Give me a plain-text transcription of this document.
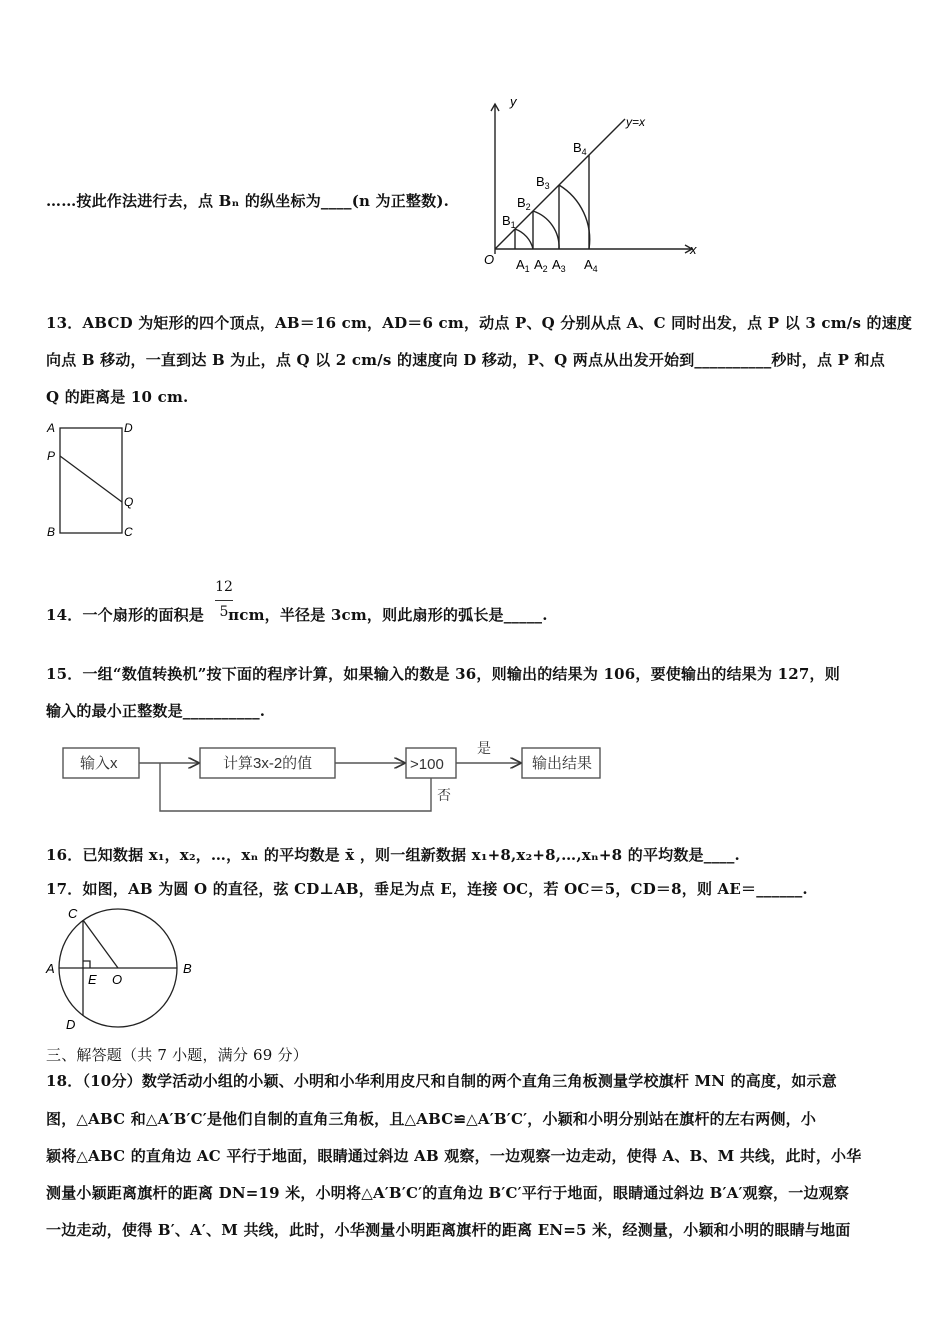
……按此作法进行去，点 Bₙ 的纵坐标为____(n 为正整数).
y
x
y=x
O $A_1$ $A_2$ $A_3$ $A_4$
$B_1$
$B_2$
$B_3$
$B_4$
13．ABCD 为矩形的四个顶点，AB＝16 cm，AD＝6 cm，动点 P、Q 分别从点 A、C 同时出发，点 P 以 3 cm/s 的速度
向点 B 移动，一直到达 B 为止，点 Q 以 2 cm/s 的速度向 D 移动，P、Q 两点从出发开始到__________秒时，点 P 和点
Q 的距离是 10 cm.
A	D
P
Q
B	C
14．一个扇形的面积是 πcm，半径是 3cm，则此扇形的弧长是_____.
12
5
15．一组“数值转换机”按下面的程序计算，如果输入的数是 36，则输出的结果为 106，要使输出的结果为 127，则
输入的最小正整数是__________.
输入x	计算3x-2的值	>100
是
否
输出结果
16．已知数据 x₁，x₂，…，xₙ 的平均数是 x̄ ，则一组新数据 x₁+8,x₂+8,…,xₙ+8 的平均数是____.
17．如图，AB 为圆 O 的直径，弦 CD⊥AB，垂足为点 E，连接 OC，若 OC＝5，CD＝8，则 AE＝______.
C
A
E O
B
D
三、解答题（共 7 小题，满分 69 分）
18．（10分）数学活动小组的小颖、小明和小华利用皮尺和自制的两个直角三角板测量学校旗杆 MN 的高度，如示意
图，△ABC 和△A′B′C′是他们自制的直角三角板，且△ABC≌△A′B′C′，小颖和小明分别站在旗杆的左右两侧，小
颖将△ABC 的直角边 AC 平行于地面，眼睛通过斜边 AB 观察，一边观察一边走动，使得 A、B、M 共线，此时，小华
测量小颖距离旗杆的距离 DN=19 米，小明将△A′B′C′的直角边 B′C′平行于地面，眼睛通过斜边 B′A′观察，一边观察
一边走动，使得 B′、A′、M 共线，此时，小华测量小明距离旗杆的距离 EN=5 米，经测量，小颖和小明的眼睛与地面
